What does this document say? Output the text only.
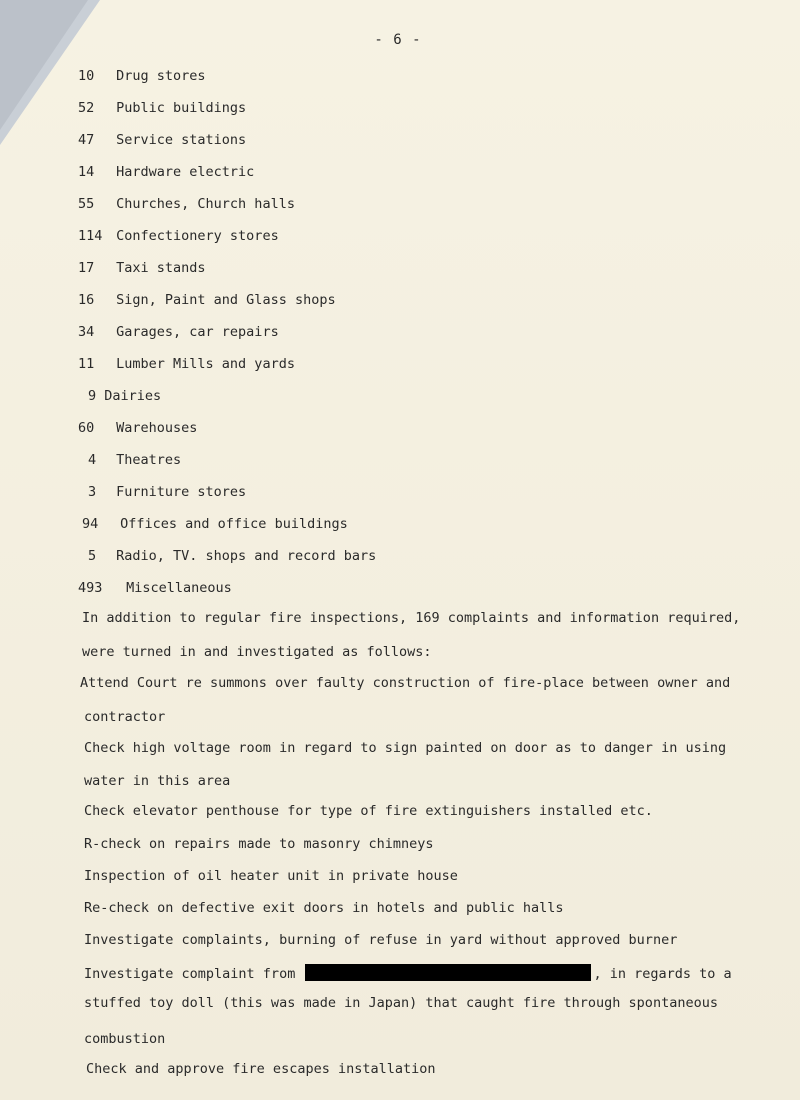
- 6 -
10 Drug stores
52 Public buildings
47 Service stations
14 Hardware electric
55 Churches, Church halls
114 Confectionery stores
17 Taxi stands
16 Sign, Paint and Glass shops
34 Garages, car repairs
11 Lumber Mills and yards
9 Dairies
60 Warehouses
4 Theatres
3 Furniture stores
94 Offices and office buildings
5 Radio, TV. shops and record bars
493 Miscellaneous
In addition to regular fire inspections, 169 complaints and information required,
were turned in and investigated as follows:
Attend Court re summons over faulty construction of fire-place between owner and
contractor
Check high voltage room in regard to sign painted on door as to danger in using
water in this area
Check elevator penthouse for type of fire extinguishers installed etc.
R-check on repairs made to masonry chimneys
Inspection of oil heater unit in private house
Re-check on defective exit doors in hotels and public halls
Investigate complaints, burning of refuse in yard without approved burner
Investigate complaint from	, in regards to a
stuffed toy doll (this was made in Japan) that caught fire through spontaneous
combustion
Check and approve fire escapes installation
